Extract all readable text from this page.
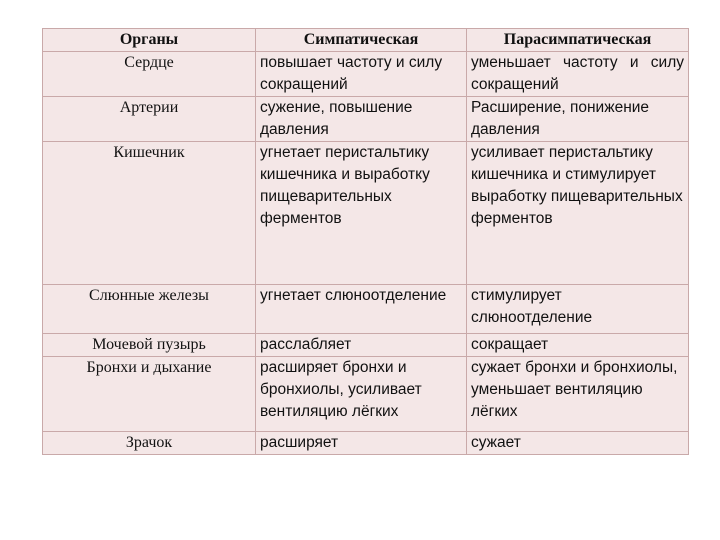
Органы	Симпатическая	Парасимпатическая
Сердце	повышает частоту и силу сокращений	уменьшает частоту и силу сокращений
Артерии	сужение, повышение давления	Расширение, понижение давления
Кишечник	угнетает перистальтику кишечника и выработку пищеварительных ферментов	усиливает перистальтику кишечника и стимулирует выработку пищеварительных ферментов
Слюнные железы	угнетает слюноотделение	стимулирует слюноотделение
Мочевой пузырь	расслабляет	сокращает
Бронхи и дыхание	расширяет бронхи и бронхиолы, усиливает вентиляцию лёгких	сужает бронхи и бронхиолы, уменьшает вентиляцию лёгких
Зрачок	расширяет	сужает
